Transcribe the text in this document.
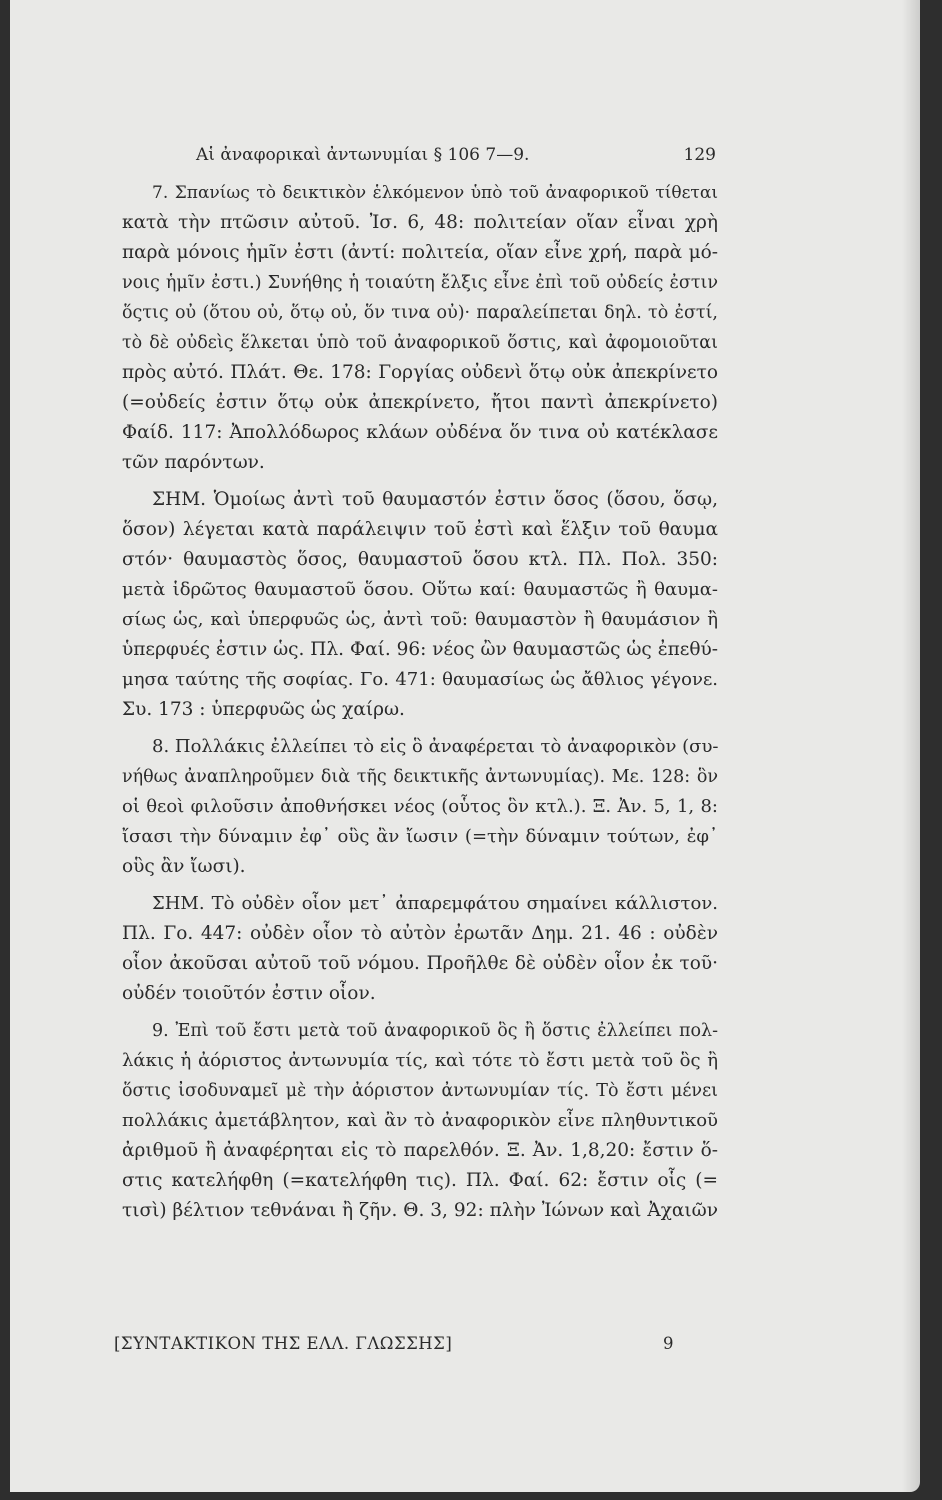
Αἱ ἀναφορικαὶ ἀντωνυμίαι § 106 7—9.	129
7. Σπανίως τὸ δεικτικὸν ἑλκόμενον ὑπὸ τοῦ ἀναφορικοῦ τίθεται
κατὰ τὴν πτῶσιν αὐτοῦ. Ἰσ. 6, 48: πολιτείαν οἵαν εἶναι χρὴ
παρὰ μόνοις ἡμῖν ἐστι (ἀντί: πολιτεία, οἵαν εἶνε χρή, παρὰ μό-
νοις ἡμῖν ἐστι.) Συνήθης ἡ τοιαύτη ἔλξις εἶνε ἐπὶ τοῦ οὐδείς ἐστιν
ὅςτις οὐ (ὅτου οὐ, ὅτῳ οὐ, ὅν τινα οὐ)· παραλείπεται δηλ. τὸ ἐστί,
τὸ δὲ οὐδεὶς ἕλκεται ὑπὸ τοῦ ἀναφορικοῦ ὅστις, καὶ ἀφομοιοῦται
πρὸς αὐτό. Πλάτ. Θε. 178: Γοργίας οὐδενὶ ὅτῳ οὐκ ἀπεκρίνετο
(=οὐδείς ἐστιν ὅτῳ οὐκ ἀπεκρίνετο, ἤτοι παντὶ ἀπεκρίνετο)
Φαίδ. 117: Ἀπολλόδωρος κλάων οὐδένα ὅν τινα οὐ κατέκλασε
τῶν παρόντων.
ΣΗΜ. Ὁμοίως ἀντὶ τοῦ θαυμαστόν ἐστιν ὅσος (ὅσου, ὅσῳ,
ὅσον) λέγεται κατὰ παράλειψιν τοῦ ἐστὶ καὶ ἕλξιν τοῦ θαυμα
στόν· θαυμαστὸς ὅσος, θαυμαστοῦ ὅσου κτλ. Πλ. Πολ. 350:
μετὰ ἱδρῶτος θαυμαστοῦ ὅσου. Οὕτω καί: θαυμαστῶς ἢ θαυμα-
σίως ὡς, καὶ ὑπερφυῶς ὡς, ἀντὶ τοῦ: θαυμαστὸν ἢ θαυμάσιον ἢ
ὑπερφυές ἐστιν ὡς. Πλ. Φαί. 96: νέος ὢν θαυμαστῶς ὡς ἐπεθύ-
μησα ταύτης τῆς σοφίας. Γο. 471: θαυμασίως ὡς ἄθλιος γέγονε.
Συ. 173 : ὑπερφυῶς ὡς χαίρω.
8. Πολλάκις ἐλλείπει τὸ εἰς ὃ ἀναφέρεται τὸ ἀναφορικὸν (συ-
νήθως ἀναπληροῦμεν διὰ τῆς δεικτικῆς ἀντωνυμίας). Με. 128: ὃν
οἱ θεοὶ φιλοῦσιν ἀποθνήσκει νέος (οὗτος ὃν κτλ.). Ξ. Ἀν. 5, 1, 8:
ἴσασι τὴν δύναμιν ἐφ᾽ οὓς ἂν ἴωσιν (=τὴν δύναμιν τούτων, ἐφ᾽
οὓς ἂν ἴωσι).
ΣΗΜ. Τὸ οὐδὲν οἷον μετ᾽ ἀπαρεμφάτου σημαίνει κάλλιστον.
Πλ. Γο. 447: οὐδὲν οἷον τὸ αὐτὸν ἐρωτᾶν Δημ. 21. 46 : οὐδὲν
οἷον ἀκοῦσαι αὐτοῦ τοῦ νόμου. Προῆλθε δὲ οὐδὲν οἷον ἐκ τοῦ·
οὐδέν τοιοῦτόν ἐστιν οἷον.
9. Ἐπὶ τοῦ ἔστι μετὰ τοῦ ἀναφορικοῦ ὃς ἢ ὅστις ἐλλείπει πολ-
λάκις ἡ ἀόριστος ἀντωνυμία τίς, καὶ τότε τὸ ἔστι μετὰ τοῦ ὃς ἢ
ὅστις ἰσοδυναμεῖ μὲ τὴν ἀόριστον ἀντωνυμίαν τίς. Τὸ ἔστι μένει
πολλάκις ἀμετάβλητον, καὶ ἂν τὸ ἀναφορικὸν εἶνε πληθυντικοῦ
ἀριθμοῦ ἢ ἀναφέρηται εἰς τὸ παρελθόν. Ξ. Ἀν. 1,8,20: ἔστιν ὅ-
στις κατελήφθη (=κατελήφθη τις). Πλ. Φαί. 62: ἔστιν οἷς (=
τισὶ) βέλτιον τεθνάναι ἢ ζῆν. Θ. 3, 92: πλὴν Ἰώνων καὶ Ἀχαιῶν
[ΣΥΝΤΑΚΤΙΚΟΝ ΤΗΣ ΕΛΛ. ΓΛΩΣΣΗΣ]	9
